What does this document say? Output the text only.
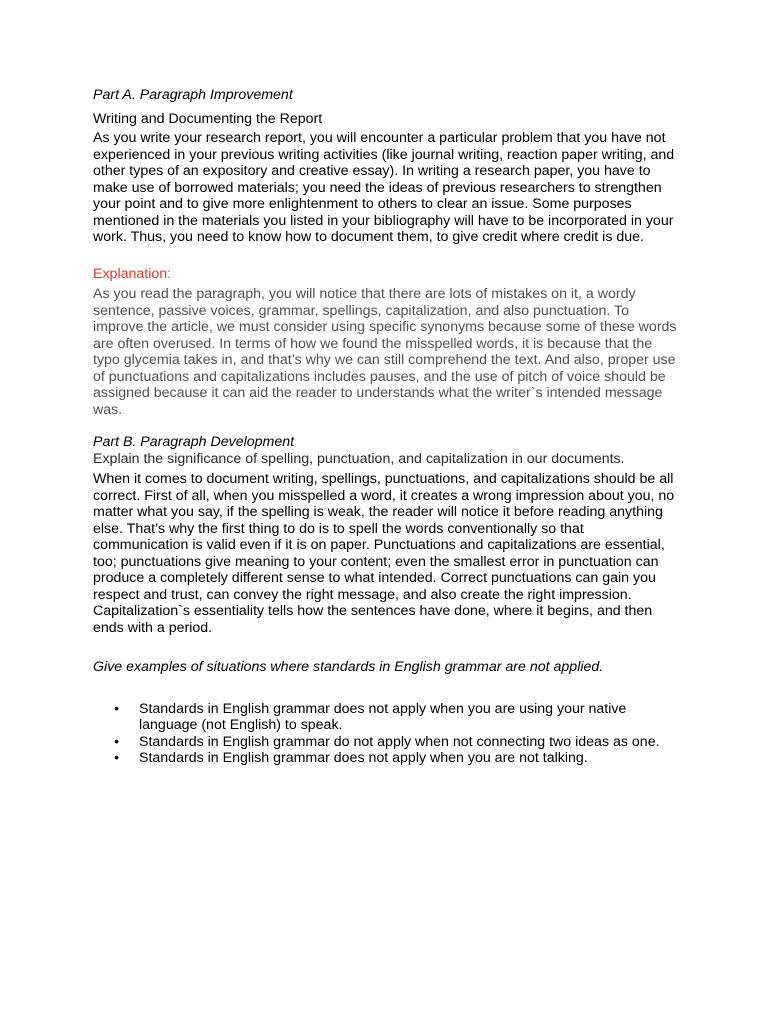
Part A. Paragraph Improvement

Writing and Documenting the Report

As you write your research report, you will encounter a particular problem that you have not experienced in your previous writing activities (like journal writing, reaction paper writing, and other types of an expository and creative essay). In writing a research paper, you have to make use of borrowed materials; you need the ideas of previous researchers to strengthen your point and to give more enlightenment to others to clear an issue. Some purposes mentioned in the materials you listed in your bibliography will have to be incorporated in your work. Thus, you need to know how to document them, to give credit where credit is due.

Explanation:

As you read the paragraph, you will notice that there are lots of mistakes on it, a wordy sentence, passive voices, grammar, spellings, capitalization, and also punctuation. To improve the article, we must consider using specific synonyms because some of these words are often overused. In terms of how we found the misspelled words, it is because that the typo glycemia takes in, and that’s why we can still comprehend the text. And also, proper use of punctuations and capitalizations includes pauses, and the use of pitch of voice should be assigned because it can aid the reader to understands what the writer`s intended message was.

Part B. Paragraph Development

Explain the significance of spelling, punctuation, and capitalization in our documents.

When it comes to document writing, spellings, punctuations, and capitalizations should be all correct. First of all, when you misspelled a word, it creates a wrong impression about you, no matter what you say, if the spelling is weak, the reader will notice it before reading anything else. That’s why the first thing to do is to spell the words conventionally so that communication is valid even if it is on paper. Punctuations and capitalizations are essential, too; punctuations give meaning to your content; even the smallest error in punctuation can produce a completely different sense to what intended. Correct punctuations can gain you respect and trust, can convey the right message, and also create the right impression. Capitalization`s essentiality tells how the sentences have done, where it begins, and then ends with a period.

Give examples of situations where standards in English grammar are not applied.

• Standards in English grammar does not apply when you are using your native language (not English) to speak.
• Standards in English grammar do not apply when not connecting two ideas as one.
• Standards in English grammar does not apply when you are not talking.
